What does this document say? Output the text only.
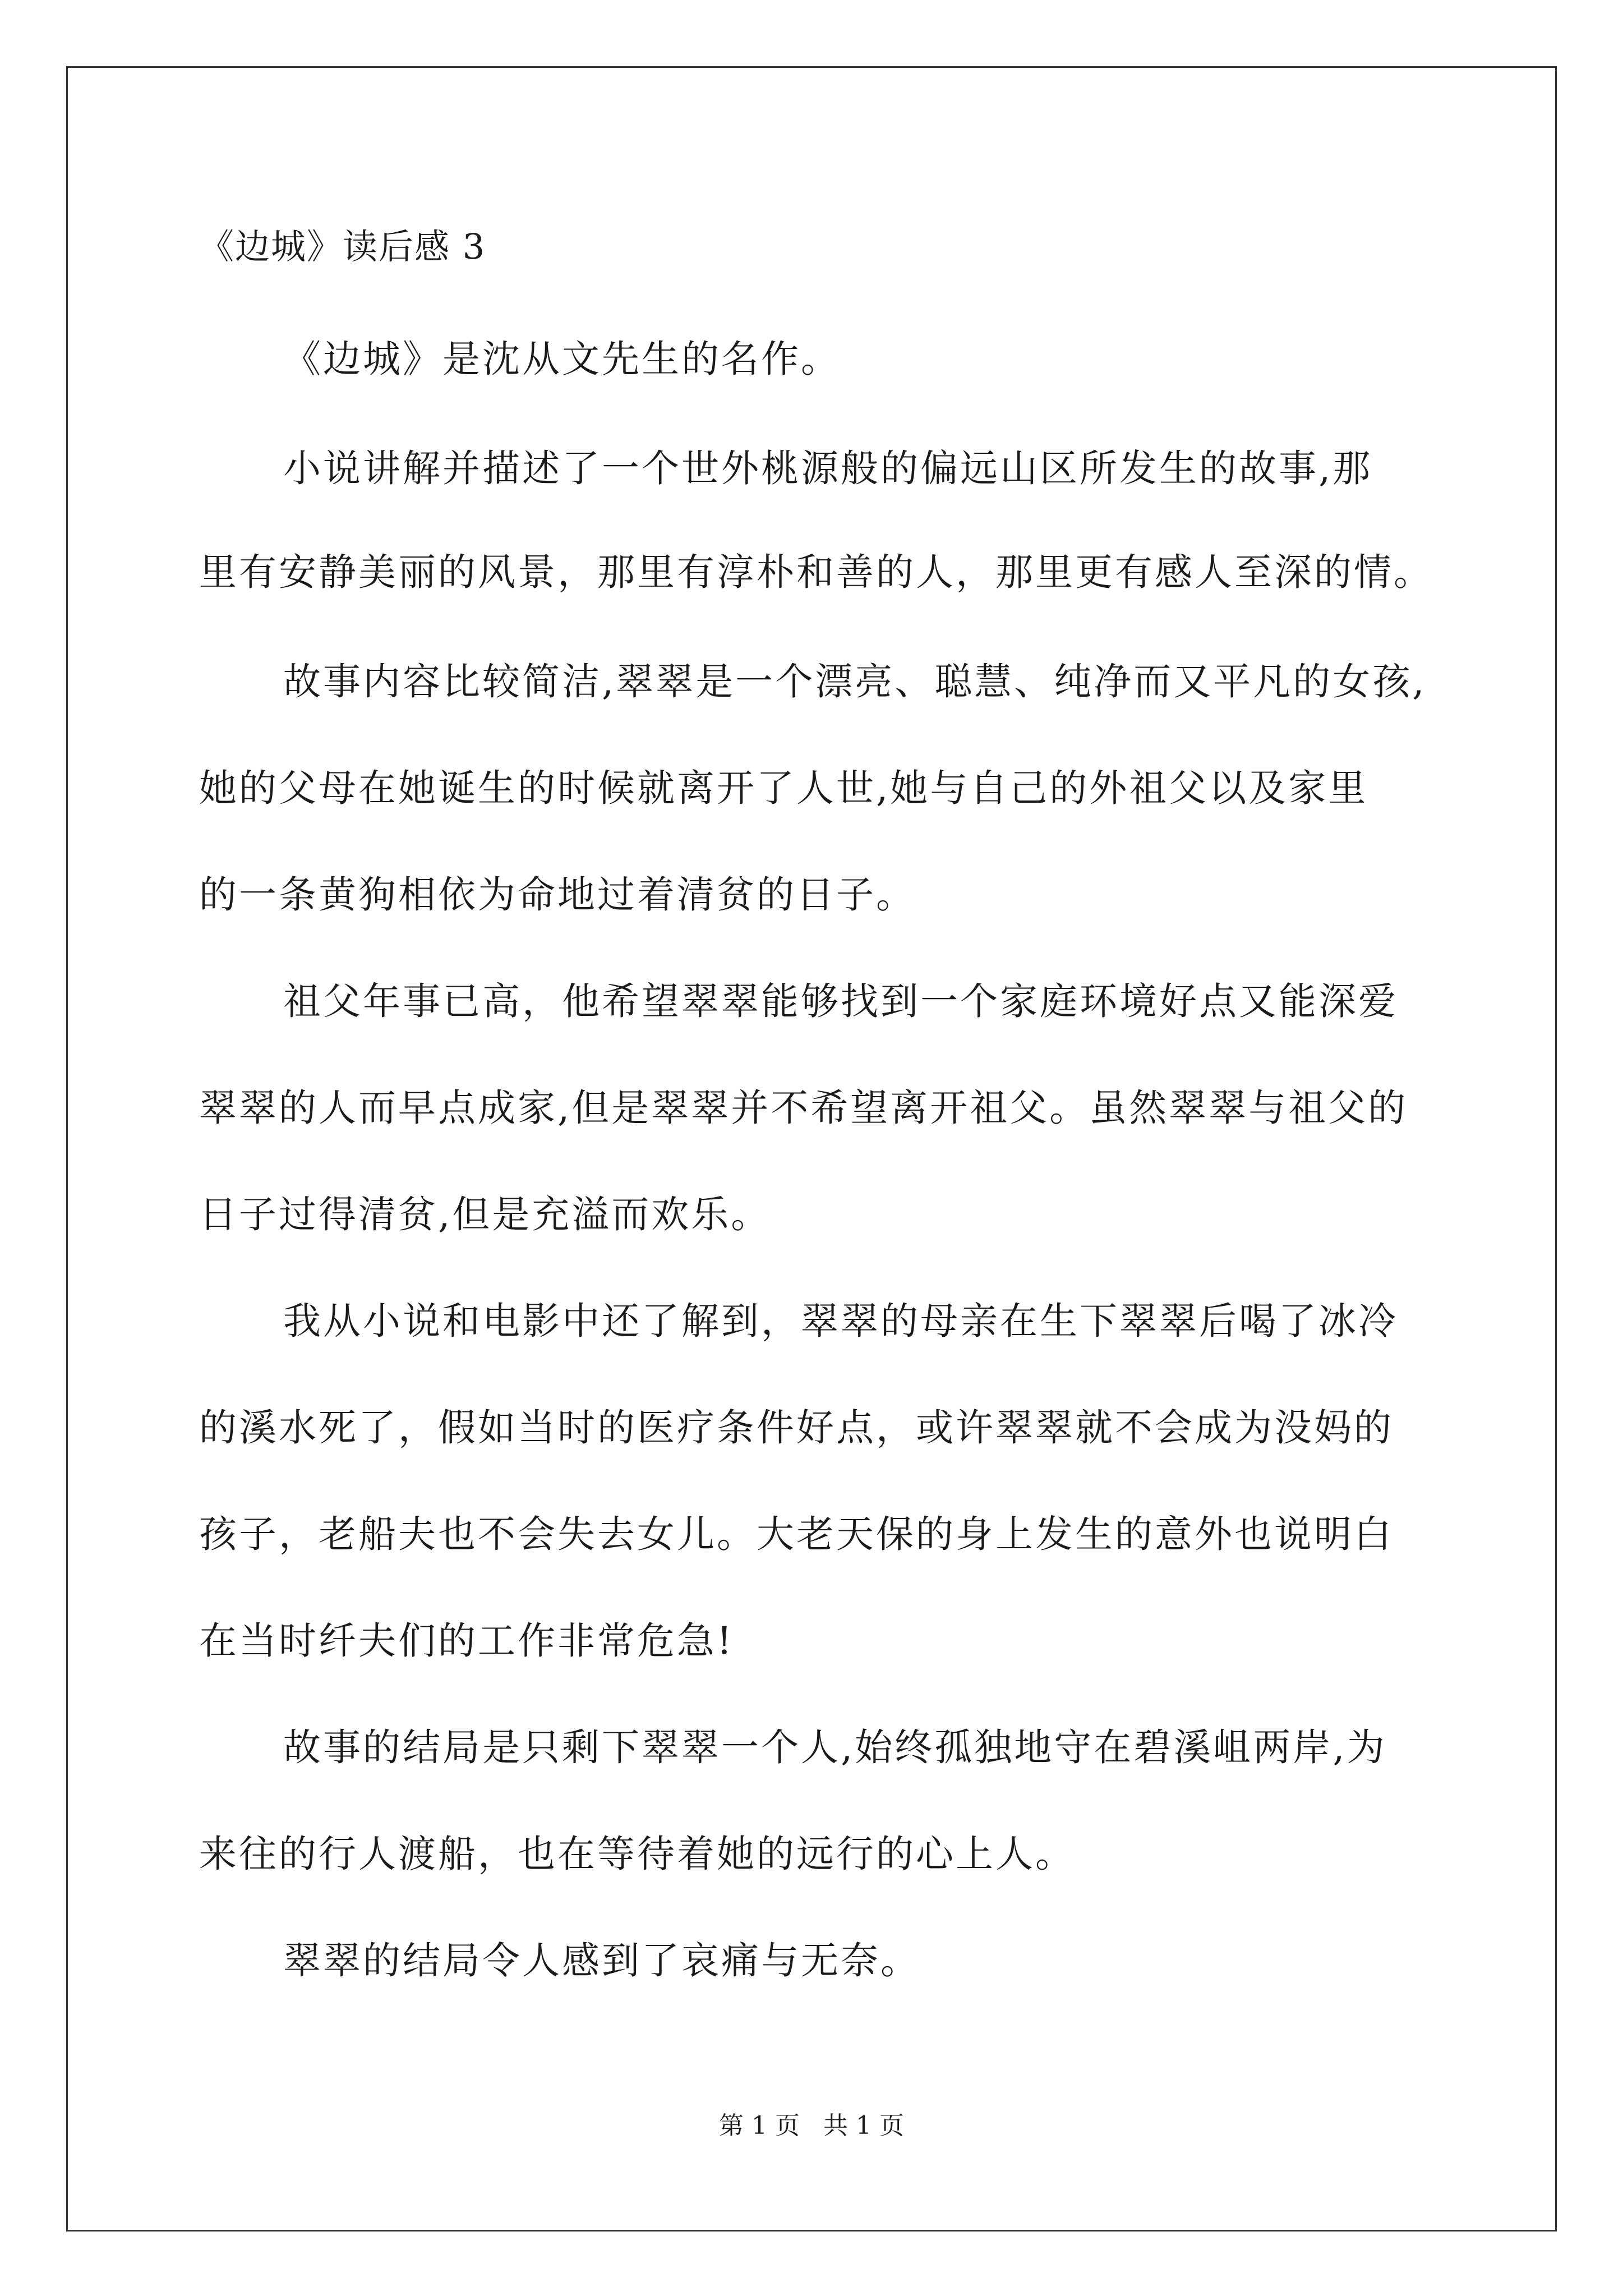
《边城》读后感 3
《边城》是沈从文先生的名作。
小说讲解并描述了一个世外桃源般的偏远山区所发生的故事,那
里有安静美丽的风景，那里有淳朴和善的人，那里更有感人至深的情。
故事内容比较简洁,翠翠是一个漂亮、聪慧、纯净而又平凡的女孩,
她的父母在她诞生的时候就离开了人世,她与自己的外祖父以及家里
的一条黄狗相依为命地过着清贫的日子。
祖父年事已高，他希望翠翠能够找到一个家庭环境好点又能深爱
翠翠的人而早点成家,但是翠翠并不希望离开祖父。虽然翠翠与祖父的
日子过得清贫,但是充溢而欢乐。
我从小说和电影中还了解到，翠翠的母亲在生下翠翠后喝了冰冷
的溪水死了，假如当时的医疗条件好点，或许翠翠就不会成为没妈的
孩子，老船夫也不会失去女儿。大老天保的身上发生的意外也说明白
在当时纤夫们的工作非常危急!
故事的结局是只剩下翠翠一个人,始终孤独地守在碧溪岨两岸,为
来往的行人渡船，也在等待着她的远行的心上人。
翠翠的结局令人感到了哀痛与无奈。
第 1 页   共 1 页
